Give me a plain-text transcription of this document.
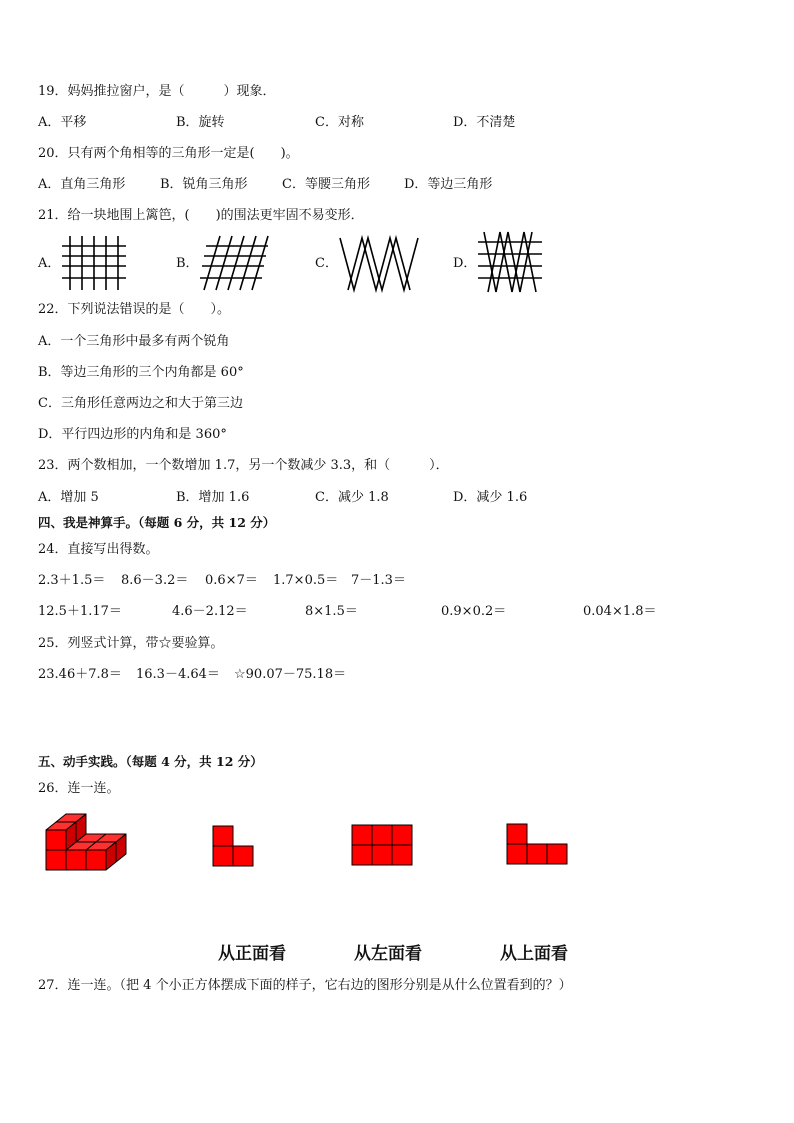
19．妈妈推拉窗户，是（　　　）现象．
A．平移	B．旋转	C．对称	D．不清楚
20．只有两个角相等的三角形一定是(　　)。
A．直角三角形	B．锐角三角形	C．等腰三角形	D．等边三角形
21．给一块地围上篱笆，(　　)的围法更牢固不易变形．
A．	B．	C．	D．
22．下列说法错误的是（　　）。
A．一个三角形中最多有两个锐角
B．等边三角形的三个内角都是 60°
C．三角形任意两边之和大于第三边
D．平行四边形的内角和是 360°
23．两个数相加，一个数增加 1.7，另一个数减少 3.3，和（　　　）．
A．增加 5	B．增加 1.6	C．减少 1.8	D．减少 1.6
四、我是神算手。（每题 6 分，共 12 分）
24．直接写出得数。
2.3＋1.5＝ 8.6－3.2＝ 0.6×7＝ 1.7×0.5＝ 7－1.3＝
12.5＋1.17＝	4.6－2.12＝	8×1.5＝	0.9×0.2＝	0.04×1.8＝
25．列竖式计算，带☆要验算。
23.46＋7.8＝ 16.3－4.64＝ ☆90.07－75.18＝
五、动手实践。（每题 4 分，共 12 分）
26．连一连。
从正面看	从左面看	从上面看
27．连一连。（把 4 个小正方体摆成下面的样子，它右边的图形分别是从什么位置看到的？）
